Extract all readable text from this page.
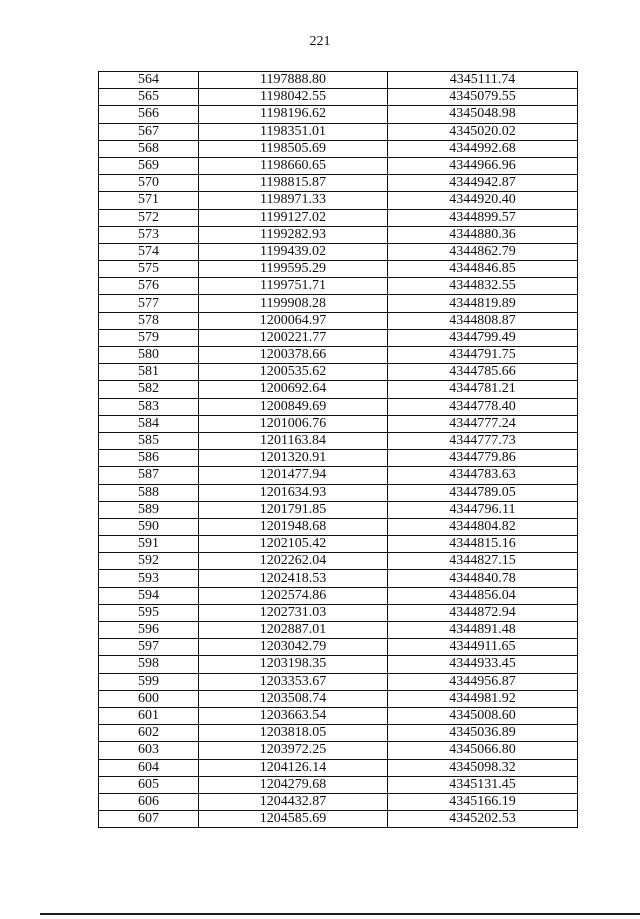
221
564	1197888.80	4345111.74
565	1198042.55	4345079.55
566	1198196.62	4345048.98
567	1198351.01	4345020.02
568	1198505.69	4344992.68
569	1198660.65	4344966.96
570	1198815.87	4344942.87
571	1198971.33	4344920.40
572	1199127.02	4344899.57
573	1199282.93	4344880.36
574	1199439.02	4344862.79
575	1199595.29	4344846.85
576	1199751.71	4344832.55
577	1199908.28	4344819.89
578	1200064.97	4344808.87
579	1200221.77	4344799.49
580	1200378.66	4344791.75
581	1200535.62	4344785.66
582	1200692.64	4344781.21
583	1200849.69	4344778.40
584	1201006.76	4344777.24
585	1201163.84	4344777.73
586	1201320.91	4344779.86
587	1201477.94	4344783.63
588	1201634.93	4344789.05
589	1201791.85	4344796.11
590	1201948.68	4344804.82
591	1202105.42	4344815.16
592	1202262.04	4344827.15
593	1202418.53	4344840.78
594	1202574.86	4344856.04
595	1202731.03	4344872.94
596	1202887.01	4344891.48
597	1203042.79	4344911.65
598	1203198.35	4344933.45
599	1203353.67	4344956.87
600	1203508.74	4344981.92
601	1203663.54	4345008.60
602	1203818.05	4345036.89
603	1203972.25	4345066.80
604	1204126.14	4345098.32
605	1204279.68	4345131.45
606	1204432.87	4345166.19
607	1204585.69	4345202.53
